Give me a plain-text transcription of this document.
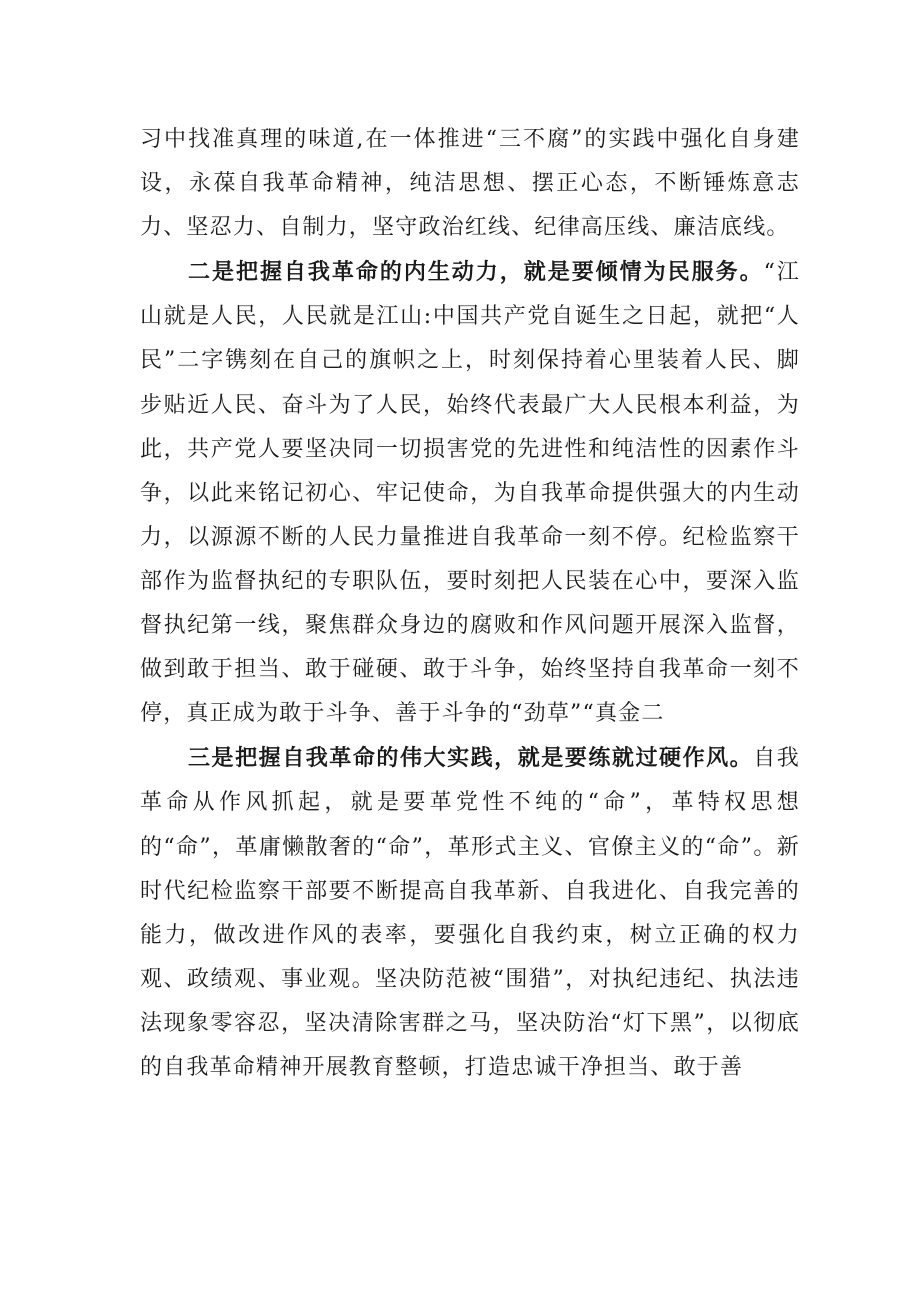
习中找准真理的味道,在一体推进“三不腐”的实践中强化自身建设，永葆自我革命精神，纯洁思想、摆正心态，不断锤炼意志力、坚忍力、自制力，坚守政治红线、纪律高压线、廉洁底线。

二是把握自我革命的内生动力，就是要倾情为民服务。“江山就是人民，人民就是江山:中国共产党自诞生之日起，就把“人民”二字镌刻在自己的旗帜之上，时刻保持着心里装着人民、脚步贴近人民、奋斗为了人民，始终代表最广大人民根本利益，为此，共产党人要坚决同一切损害党的先进性和纯洁性的因素作斗争，以此来铭记初心、牢记使命，为自我革命提供强大的内生动力，以源源不断的人民力量推进自我革命一刻不停。纪检监察干部作为监督执纪的专职队伍，要时刻把人民装在心中，要深入监督执纪第一线，聚焦群众身边的腐败和作风问题开展深入监督，做到敢于担当、敢于碰硬、敢于斗争，始终坚持自我革命一刻不停，真正成为敢于斗争、善于斗争的“劲草”“真金二

三是把握自我革命的伟大实践，就是要练就过硬作风。自我革命从作风抓起，就是要革党性不纯的“命”，革特权思想的“命”，革庸懒散奢的“命”，革形式主义、官僚主义的“命”。新时代纪检监察干部要不断提高自我革新、自我进化、自我完善的能力，做改进作风的表率，要强化自我约束，树立正确的权力观、政绩观、事业观。坚决防范被“围猎”，对执纪违纪、执法违法现象零容忍，坚决清除害群之马，坚决防治“灯下黑”，以彻底的自我革命精神开展教育整顿，打造忠诚干净担当、敢于善
